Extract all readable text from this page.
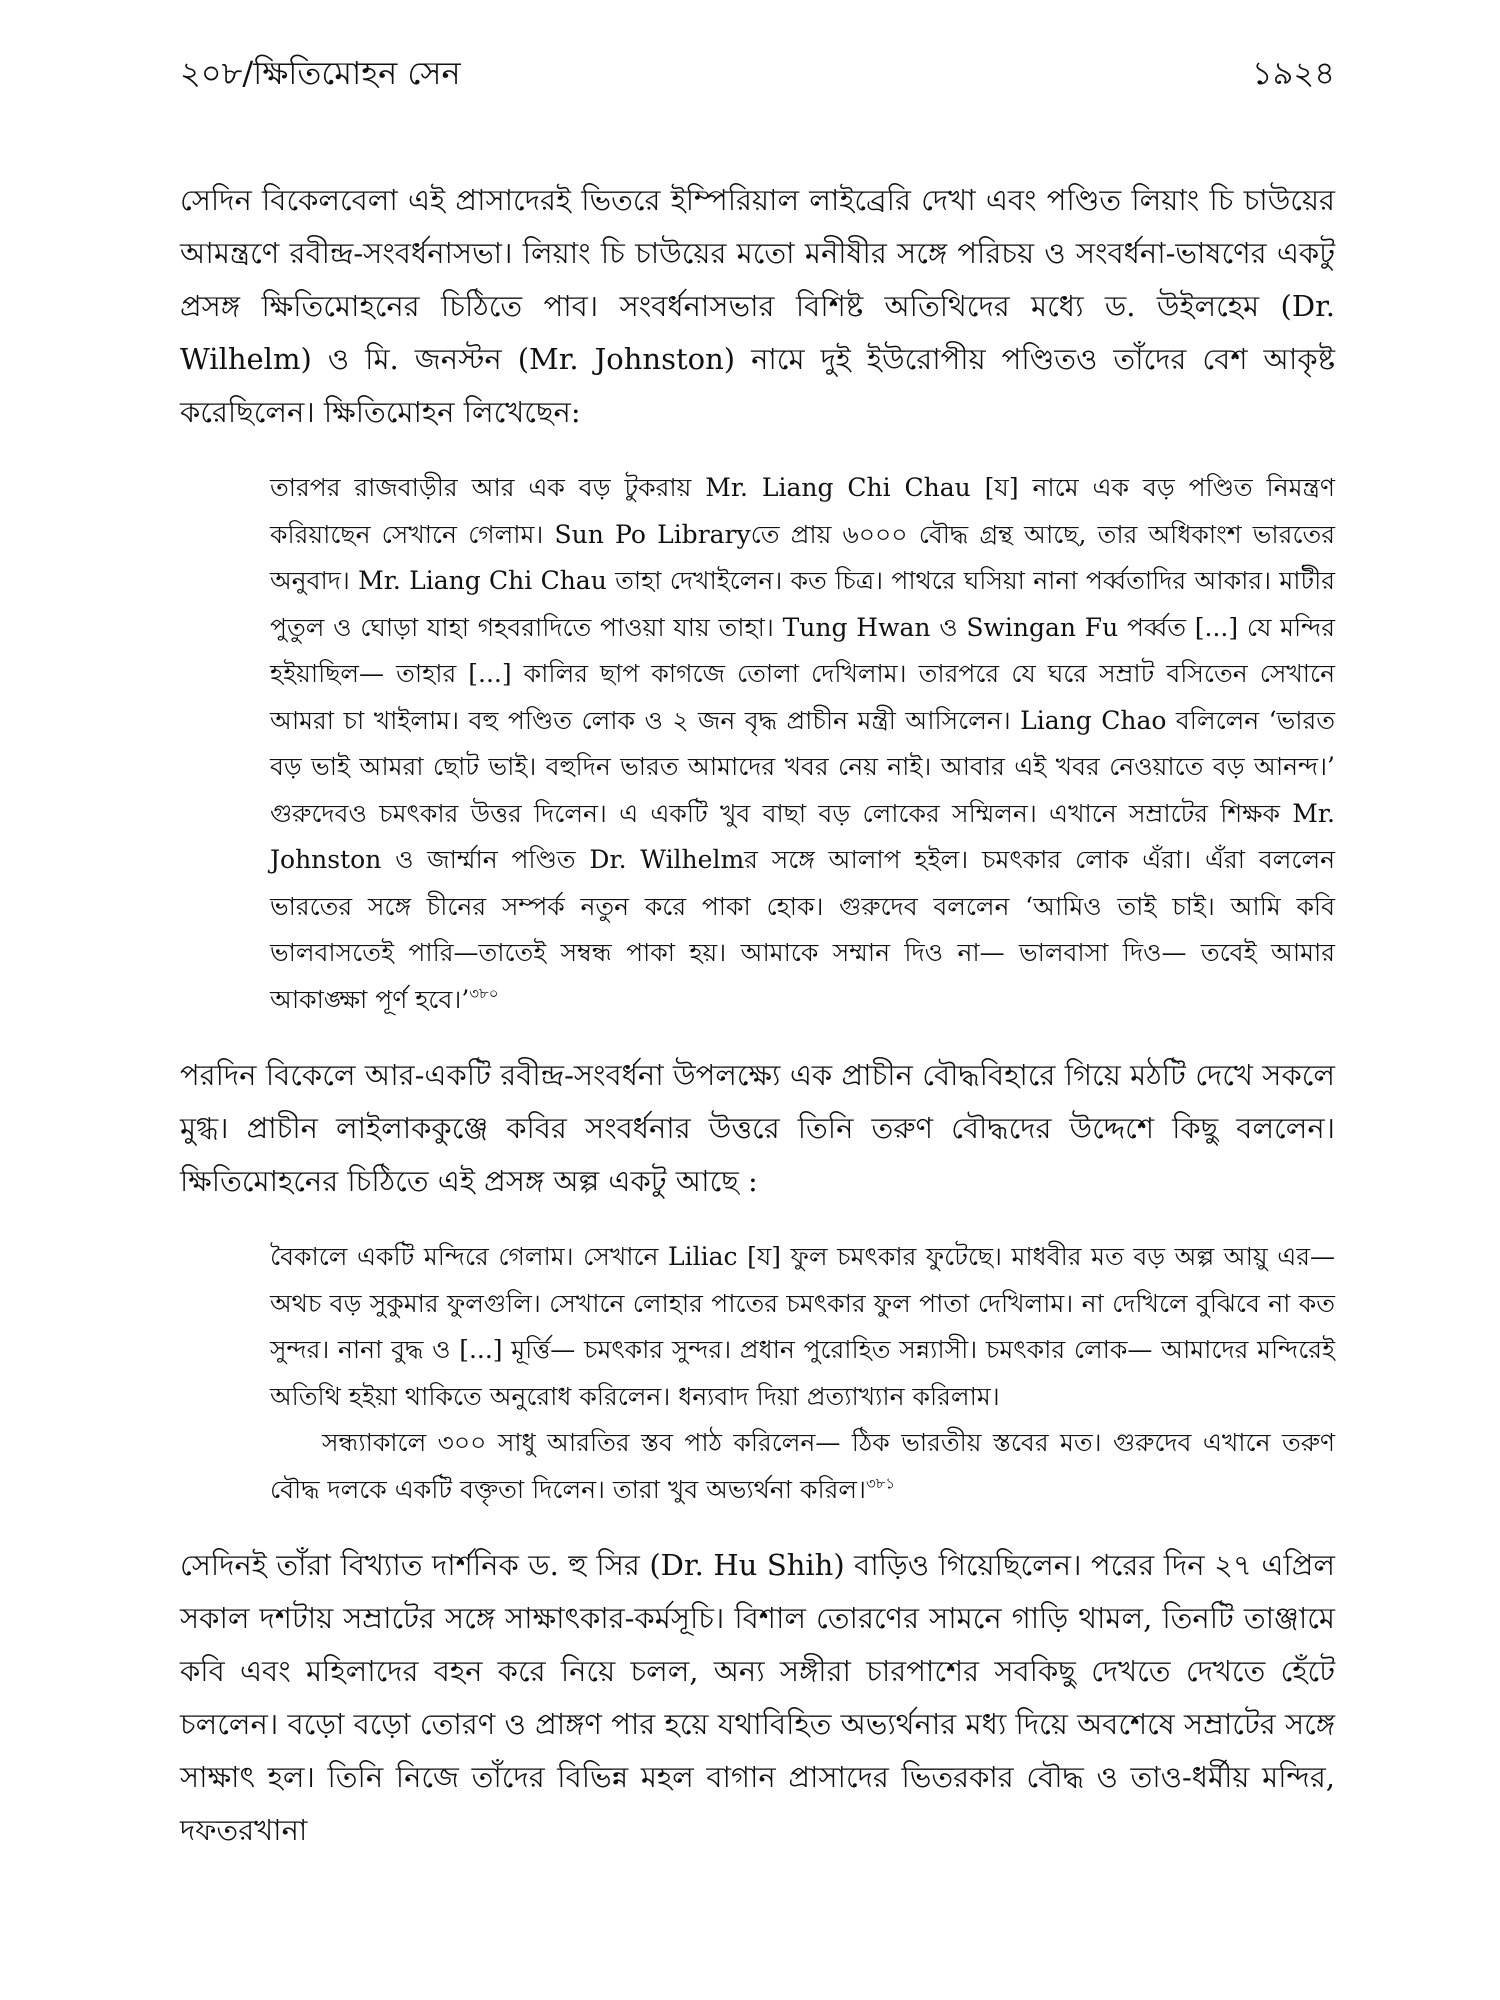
২০৮/ক্ষিতিমোহন সেন	১৯২৪

সেদিন বিকেলবেলা এই প্রাসাদেরই ভিতরে ইম্পিরিয়াল লাইব্রেরি দেখা এবং পণ্ডিত লিয়াং চি চাউয়ের আমন্ত্রণে রবীন্দ্র-সংবর্ধনাসভা। লিয়াং চি চাউয়ের মতো মনীষীর সঙ্গে পরিচয় ও সংবর্ধনা-ভাষণের একটু প্রসঙ্গ ক্ষিতিমোহনের চিঠিতে পাব। সংবর্ধনাসভার বিশিষ্ট অতিথিদের মধ্যে ড. উইলহেম (Dr. Wilhelm) ও মি. জনস্টন (Mr. Johnston) নামে দুই ইউরোপীয় পণ্ডিতও তাঁদের বেশ আকৃষ্ট করেছিলেন। ক্ষিতিমোহন লিখেছেন:

তারপর রাজবাড়ীর আর এক বড় টুকরায় Mr. Liang Chi Chau [য] নামে এক বড় পণ্ডিত নিমন্ত্রণ করিয়াছেন সেখানে গেলাম। Sun Po Libraryতে প্রায় ৬০০০ বৌদ্ধ গ্রন্থ আছে, তার অধিকাংশ ভারতের অনুবাদ। Mr. Liang Chi Chau তাহা দেখাইলেন। কত চিত্র। পাথরে ঘসিয়া নানা পর্ব্বতাদির আকার। মাটীর পুতুল ও ঘোড়া যাহা গহবরাদিতে পাওয়া যায় তাহা। Tung Hwan ও Swingan Fu পর্ব্বত [...] যে মন্দির হইয়াছিল— তাহার [...] কালির ছাপ কাগজে তোলা দেখিলাম। তারপরে যে ঘরে সম্রাট বসিতেন সেখানে আমরা চা খাইলাম। বহু পণ্ডিত লোক ও ২ জন বৃদ্ধ প্রাচীন মন্ত্রী আসিলেন। Liang Chao বলিলেন ‘ভারত বড় ভাই আমরা ছোট ভাই। বহুদিন ভারত আমাদের খবর নেয় নাই। আবার এই খবর নেওয়াতে বড় আনন্দ।’ গুরুদেবও চমৎকার উত্তর দিলেন। এ একটি খুব বাছা বড় লোকের সম্মিলন। এখানে সম্রাটের শিক্ষক Mr. Johnston ও জার্ম্মান পণ্ডিত Dr. Wilhelmর সঙ্গে আলাপ হইল। চমৎকার লোক এঁরা। এঁরা বললেন ভারতের সঙ্গে চীনের সম্পর্ক নতুন করে পাকা হোক। গুরুদেব বললেন ‘আমিও তাই চাই। আমি কবি ভালবাসতেই পারি—তাতেই সম্বন্ধ পাকা হয়। আমাকে সম্মান দিও না— ভালবাসা দিও— তবেই আমার আকাঙ্ক্ষা পূর্ণ হবে।’$^{৩৮০}$

পরদিন বিকেলে আর-একটি রবীন্দ্র-সংবর্ধনা উপলক্ষ্যে এক প্রাচীন বৌদ্ধবিহারে গিয়ে মঠটি দেখে সকলে মুগ্ধ। প্রাচীন লাইলাককুঞ্জে কবির সংবর্ধনার উত্তরে তিনি তরুণ বৌদ্ধদের উদ্দেশে কিছু বললেন। ক্ষিতিমোহনের চিঠিতে এই প্রসঙ্গ অল্প একটু আছে :

বৈকালে একটি মন্দিরে গেলাম। সেখানে Liliac [য] ফুল চমৎকার ফুটেছে। মাধবীর মত বড় অল্প আয়ু এর— অথচ বড় সুকুমার ফুলগুলি। সেখানে লোহার পাতের চমৎকার ফুল পাতা দেখিলাম। না দেখিলে বুঝিবে না কত সুন্দর। নানা বুদ্ধ ও [...] মূর্ত্তি— চমৎকার সুন্দর। প্রধান পুরোহিত সন্ন্যাসী। চমৎকার লোক— আমাদের মন্দিরেই অতিথি হইয়া থাকিতে অনুরোধ করিলেন। ধন্যবাদ দিয়া প্রত্যাখ্যান করিলাম।

সন্ধ্যাকালে ৩০০ সাধু আরতির স্তব পাঠ করিলেন— ঠিক ভারতীয় স্তবের মত। গুরুদেব এখানে তরুণ বৌদ্ধ দলকে একটি বক্তৃতা দিলেন। তারা খুব অভ্যর্থনা করিল।$^{৩৮১}$

সেদিনই তাঁরা বিখ্যাত দার্শনিক ড. হু সির (Dr. Hu Shih) বাড়িও গিয়েছিলেন। পরের দিন ২৭ এপ্রিল সকাল দশটায় সম্রাটের সঙ্গে সাক্ষাৎকার-কর্মসূচি। বিশাল তোরণের সামনে গাড়ি থামল, তিনটি তাঞ্জামে কবি এবং মহিলাদের বহন করে নিয়ে চলল, অন্য সঙ্গীরা চারপাশের সবকিছু দেখতে দেখতে হেঁটে চললেন। বড়ো বড়ো তোরণ ও প্রাঙ্গণ পার হয়ে যথাবিহিত অভ্যর্থনার মধ্য দিয়ে অবশেষে সম্রাটের সঙ্গে সাক্ষাৎ হল। তিনি নিজে তাঁদের বিভিন্ন মহল বাগান প্রাসাদের ভিতরকার বৌদ্ধ ও তাও-ধর্মীয় মন্দির, দফতরখানা
